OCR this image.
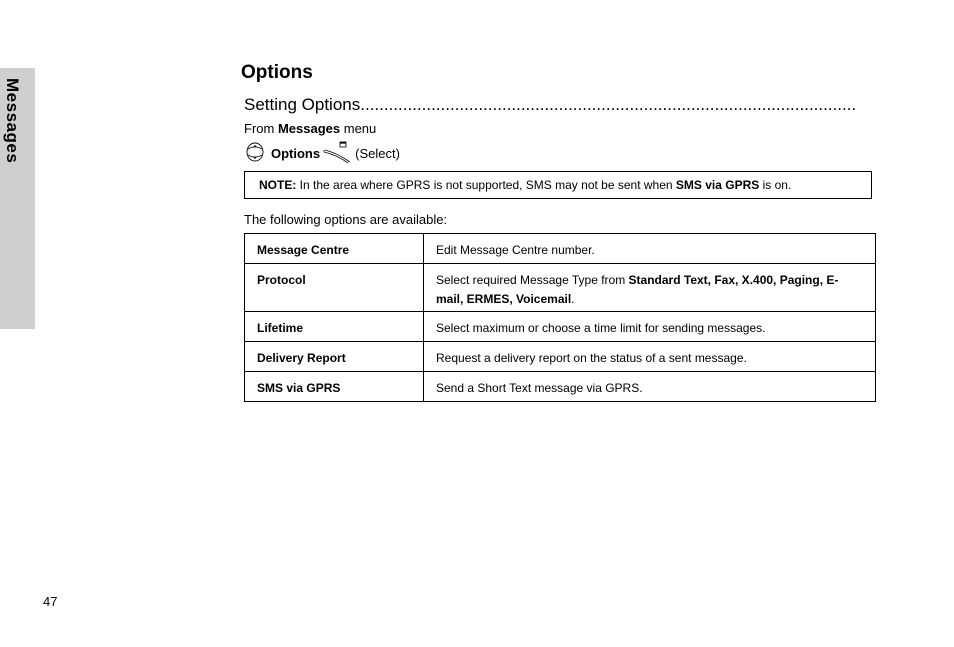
Messages
Options
Setting Options.........................................................................................................
From Messages menu
Options	(Select)
NOTE: In the area where GPRS is not supported, SMS may not be sent when SMS via GPRS is on.
The following options are available:
Message Centre	Edit Message Centre number.
Protocol	Select required Message Type from Standard Text, Fax, X.400, Paging, E-mail, ERMES, Voicemail.
Lifetime	Select maximum or choose a time limit for sending messages.
Delivery Report	Request a delivery report on the status of a sent message.
SMS via GPRS	Send a Short Text message via GPRS.
47
